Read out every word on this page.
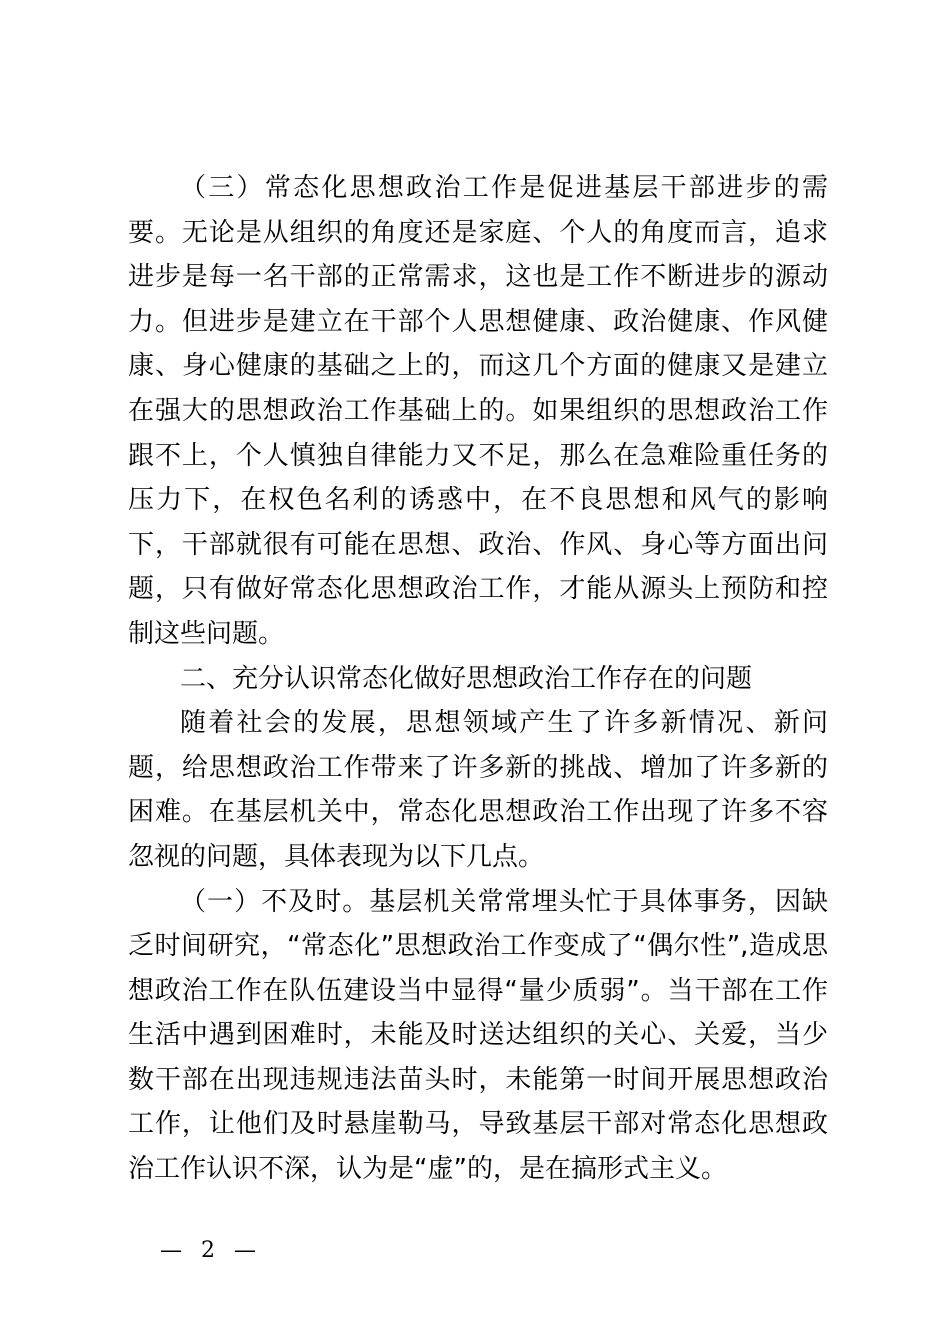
（三）常态化思想政治工作是促进基层干部进步的需要。无论是从组织的角度还是家庭、个人的角度而言，追求进步是每一名干部的正常需求，这也是工作不断进步的源动力。但进步是建立在干部个人思想健康、政治健康、作风健康、身心健康的基础之上的，而这几个方面的健康又是建立在强大的思想政治工作基础上的。如果组织的思想政治工作跟不上，个人慎独自律能力又不足，那么在急难险重任务的压力下，在权色名利的诱惑中，在不良思想和风气的影响下，干部就很有可能在思想、政治、作风、身心等方面出问题，只有做好常态化思想政治工作，才能从源头上预防和控制这些问题。

二、充分认识常态化做好思想政治工作存在的问题

随着社会的发展，思想领域产生了许多新情况、新问题，给思想政治工作带来了许多新的挑战、增加了许多新的困难。在基层机关中，常态化思想政治工作出现了许多不容忽视的问题，具体表现为以下几点。

（一）不及时。基层机关常常埋头忙于具体事务，因缺乏时间研究，“常态化”思想政治工作变成了“偶尔性”,造成思想政治工作在队伍建设当中显得“量少质弱”。当干部在工作生活中遇到困难时，未能及时送达组织的关心、关爱，当少数干部在出现违规违法苗头时，未能第一时间开展思想政治工作，让他们及时悬崖勒马，导致基层干部对常态化思想政治工作认识不深，认为是“虚”的，是在搞形式主义。

— 2 —
